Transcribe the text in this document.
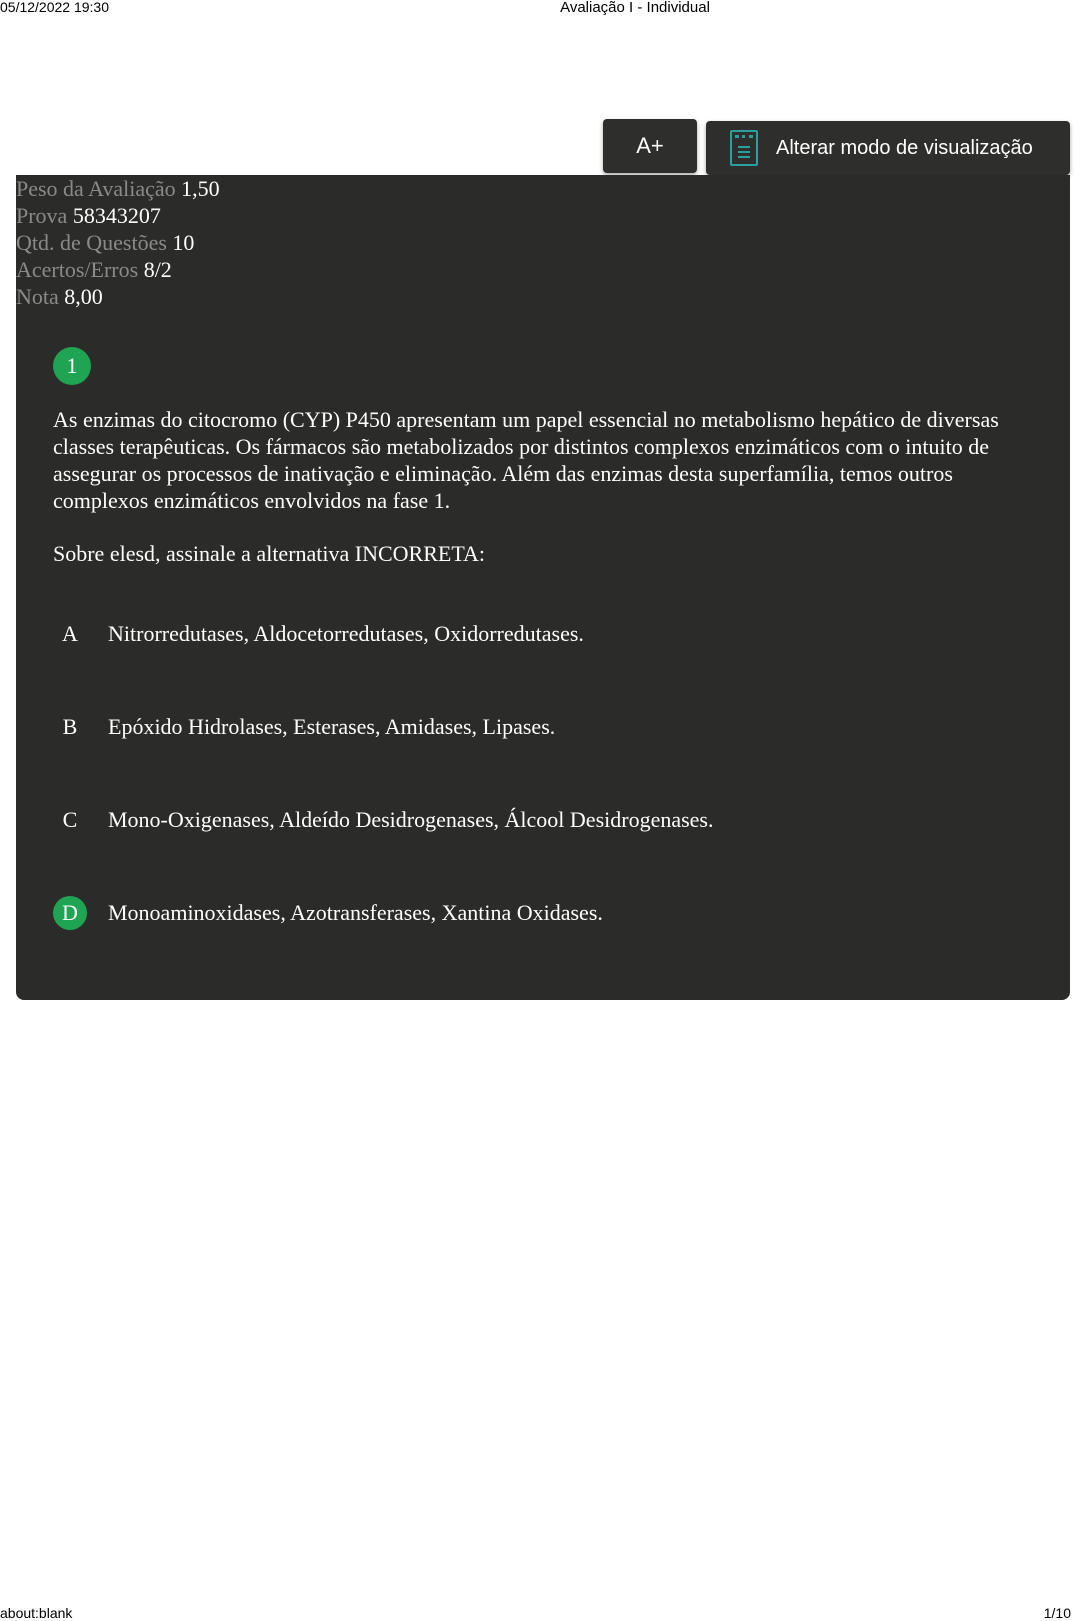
05/12/2022 19:30	Avaliação I - Individual
A+	Alterar modo de visualização
Peso da Avaliação 1,50
Prova 58343207
Qtd. de Questões 10
Acertos/Erros 8/2
Nota 8,00
1

As enzimas do citocromo (CYP) P450 apresentam um papel essencial no metabolismo hepático de diversas classes terapêuticas. Os fármacos são metabolizados por distintos complexos enzimáticos com o intuito de assegurar os processos de inativação e eliminação. Além das enzimas desta superfamília, temos outros complexos enzimáticos envolvidos na fase 1.

Sobre elesd, assinale a alternativa INCORRETA:

A	Nitrorredutases, Aldocetorredutases, Oxidorredutases.
B	Epóxido Hidrolases, Esterases, Amidases, Lipases.
C	Mono-Oxigenases, Aldeído Desidrogenases, Álcool Desidrogenases.
D	Monoaminoxidases, Azotransferases, Xantina Oxidases.
about:blank	1/10
